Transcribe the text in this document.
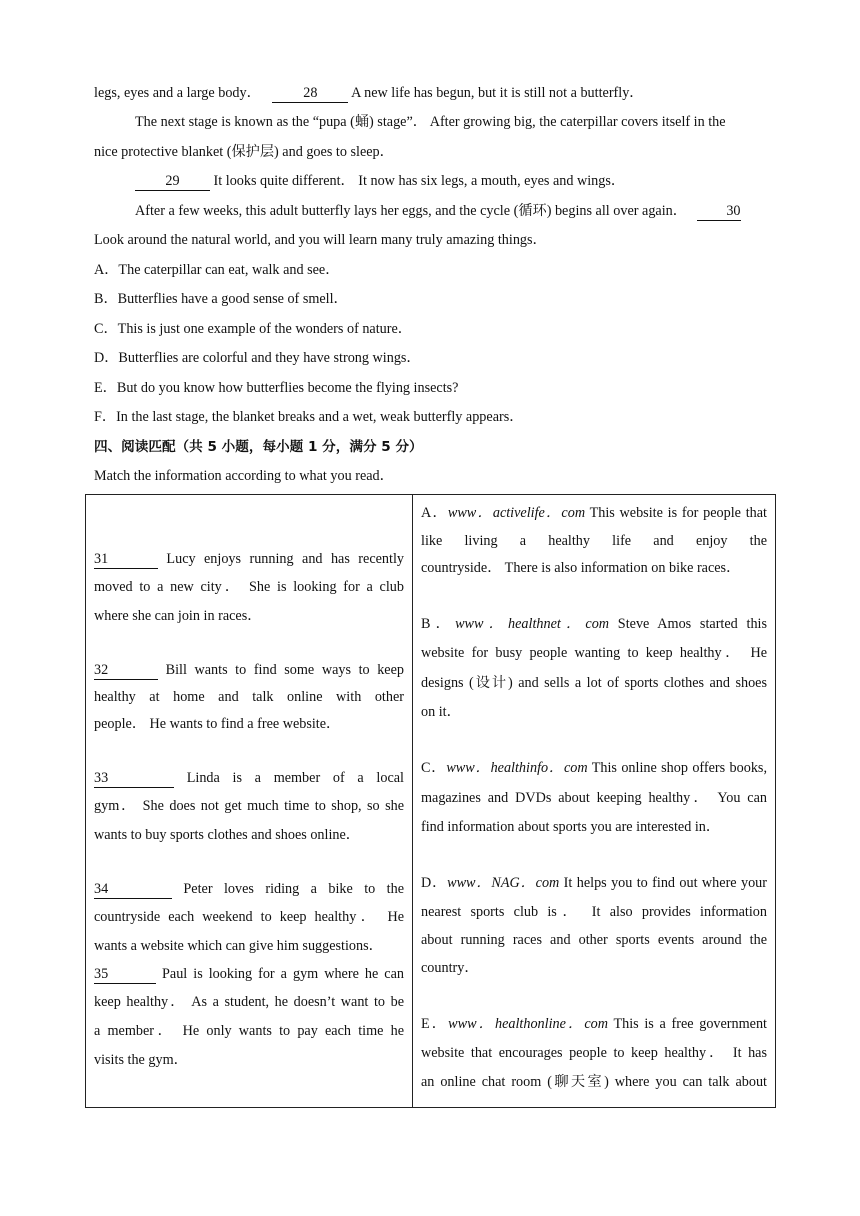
legs, eyes and a large body．	28 A new life has begun, but it is still not a butterfly．
The next stage is known as the “pupa (蛹) stage”． After growing big, the caterpillar covers itself in the
nice protective blanket (保护层) and goes to sleep．
29 It looks quite different． It now has six legs, a mouth, eyes and wings．
After a few weeks, this adult butterfly lays her eggs, and the cycle (循环) begins all over again．	30
Look around the natural world, and you will learn many truly amazing things．
A．The caterpillar can eat, walk and see．
B．Butterflies have a good sense of smell．
C．This is just one example of the wonders of nature．
D．Butterflies are colorful and they have strong wings．
E．But do you know how butterflies become the flying insects?
F．In the last stage, the blanket breaks and a wet, weak butterfly appears．
四、阅读匹配（共 5 小题，每小题 1 分，满分 5 分）
Match the information according to what you read．
31	Lucy enjoys running and has recently
moved to a new city． She is looking for a club
where she can join in races．
32	Bill wants to find some ways to keep
healthy at home and talk online with other
people． He wants to find a free website．
33	Linda is a member of a local
gym． She does not get much time to shop, so she
wants to buy sports clothes and shoes online．
34	Peter loves riding a bike to the
countryside each weekend to keep healthy． He
wants a website which can give him suggestions．
35	Paul is looking for a gym where he can
keep healthy． As a student, he doesn’t want to be
a member． He only wants to pay each time he
visits the gym．

A．www．activelife．com This website is for people that
like living a healthy life and enjoy the
countryside． There is also information on bike races．
B．www．healthnet．com Steve Amos started this
website for busy people wanting to keep healthy． He
designs (设计) and sells a lot of sports clothes and shoes
on it．
C．www．healthinfo．com This online shop offers books,
magazines and DVDs about keeping healthy． You can
find information about sports you are interested in．
D．www．NAG．com It helps you to find out where your
nearest sports club is． It also provides information
about running races and other sports events around the
country．
E．www．healthonline．com This is a free government
website that encourages people to keep healthy． It has
an online chat room (聊天室) where you can talk about
